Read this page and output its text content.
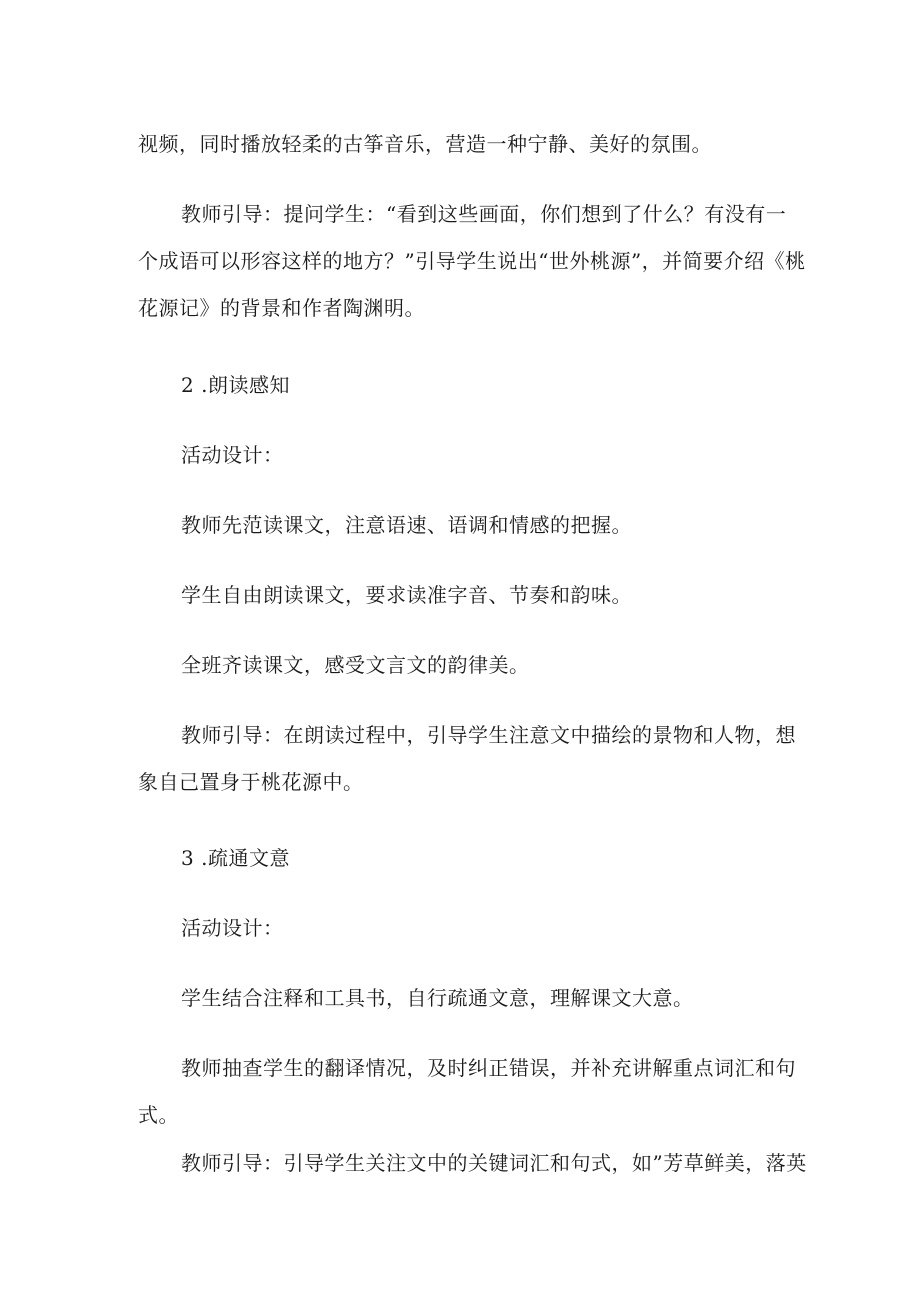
视频，同时播放轻柔的古筝音乐，营造一种宁静、美好的氛围。
教师引导：提问学生：“看到这些画面，你们想到了什么？有没有一
个成语可以形容这样的地方？”引导学生说出“世外桃源”，并简要介绍《桃
花源记》的背景和作者陶渊明。
2 .朗读感知
活动设计：
教师先范读课文，注意语速、语调和情感的把握。
学生自由朗读课文，要求读准字音、节奏和韵味。
全班齐读课文，感受文言文的韵律美。
教师引导：在朗读过程中，引导学生注意文中描绘的景物和人物，想
象自己置身于桃花源中。
3 .疏通文意
活动设计：
学生结合注释和工具书，自行疏通文意，理解课文大意。
教师抽查学生的翻译情况，及时纠正错误，并补充讲解重点词汇和句
式。
教师引导：引导学生关注文中的关键词汇和句式，如”芳草鲜美，落英
